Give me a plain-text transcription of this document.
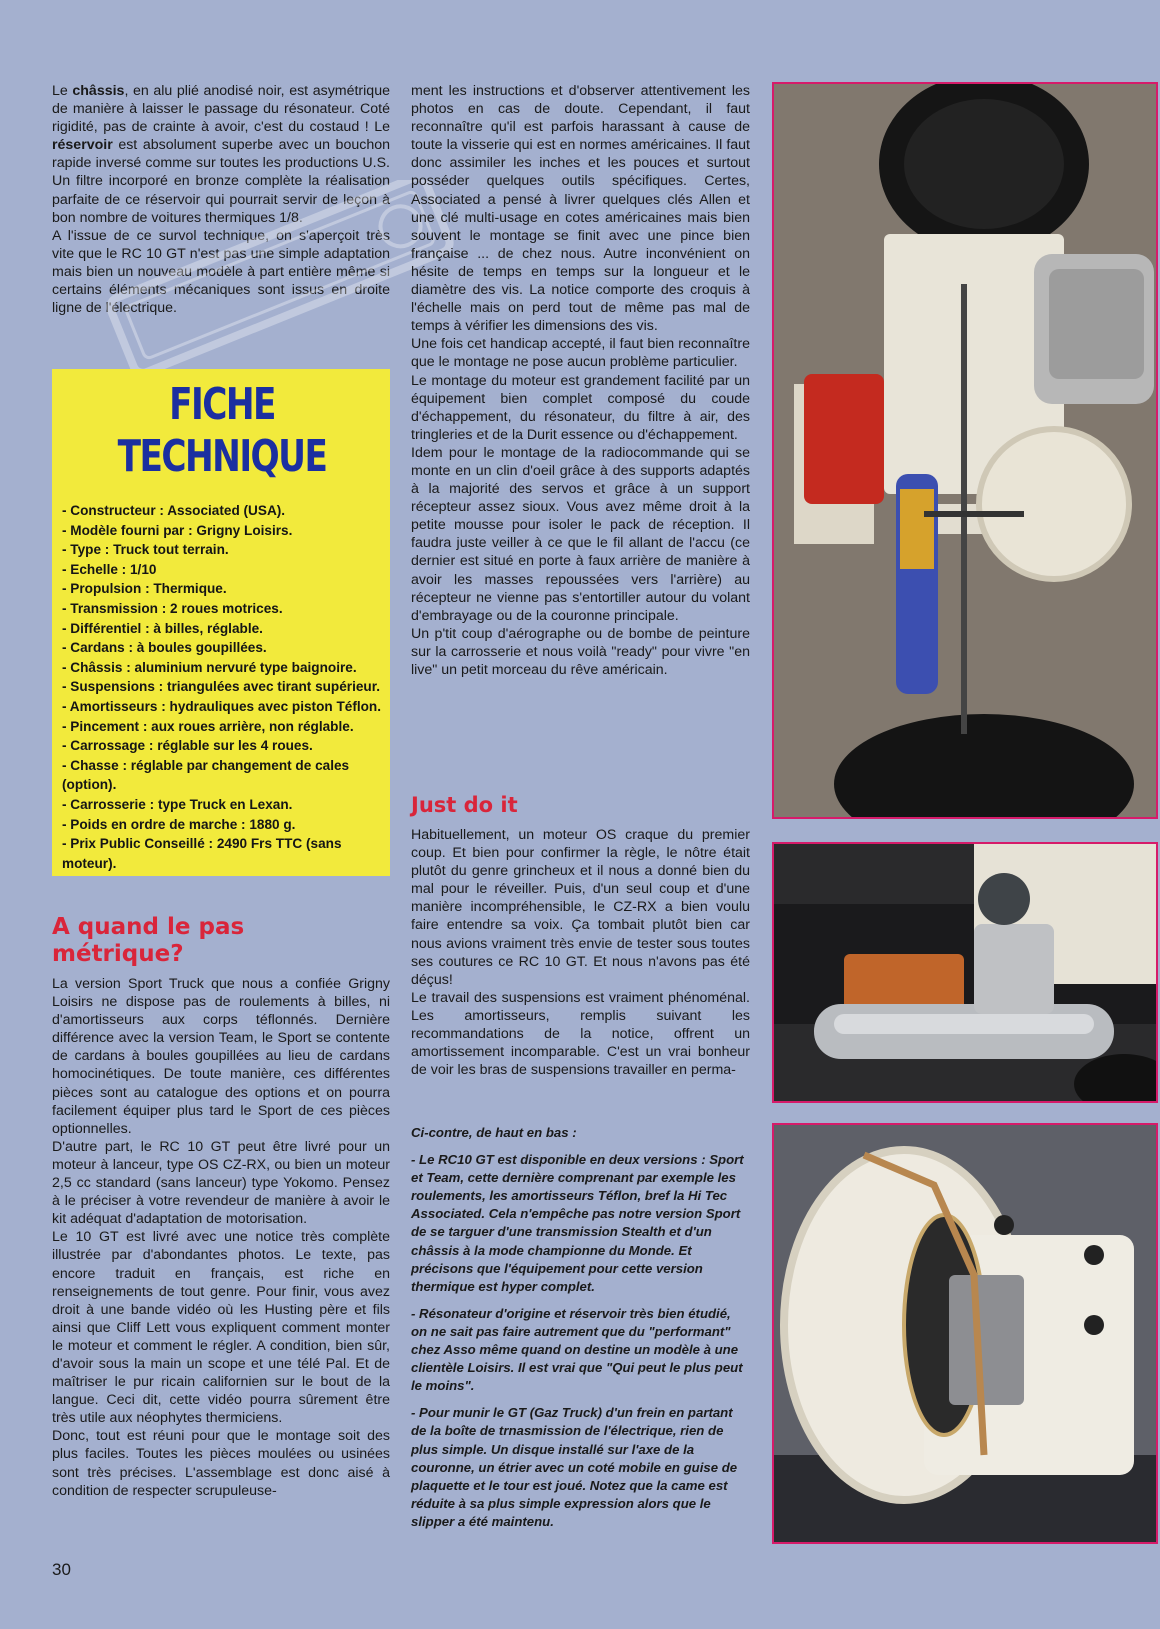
Le châssis, en alu plié anodisé noir, est asymétrique de manière à laisser le passage du résonateur. Coté rigidité, pas de crainte à avoir, c'est du costaud ! Le réservoir est absolument superbe avec un bouchon rapide inversé comme sur toutes les productions U.S. Un filtre incorporé en bronze complète la réalisation parfaite de ce réservoir qui pourrait servir de leçon à bon nombre de voitures thermiques 1/8.

A l'issue de ce survol technique, on s'aperçoit très vite que le RC 10 GT n'est pas une simple adaptation mais bien un nouveau modèle à part entière même si certains éléments mécaniques sont issus en droite ligne de l'électrique.

FICHE TECHNIQUE
- Constructeur : Associated (USA).
- Modèle fourni par : Grigny Loisirs.
- Type : Truck tout terrain.
- Echelle : 1/10
- Propulsion : Thermique.
- Transmission : 2 roues motrices.
- Différentiel : à billes, réglable.
- Cardans : à boules goupillées.
- Châssis : aluminium nervuré type baignoire.
- Suspensions : triangulées avec tirant supérieur.
- Amortisseurs : hydrauliques avec piston Téflon.
- Pincement : aux roues arrière, non réglable.
- Carrossage : réglable sur les 4 roues.
- Chasse : réglable par changement de cales (option).
- Carrosserie : type Truck en Lexan.
- Poids en ordre de marche : 1880 g.
- Prix Public Conseillé : 2490 Frs TTC (sans moteur).
A quand le pas métrique?

La version Sport Truck que nous a confiée Grigny Loisirs ne dispose pas de roulements à billes, ni d'amortisseurs aux corps téflonnés. Dernière différence avec la version Team, le Sport se contente de cardans à boules goupillées au lieu de cardans homocinétiques. De toute manière, ces différentes pièces sont au catalogue des options et on pourra facilement équiper plus tard le Sport de ces pièces optionnelles.

D'autre part, le RC 10 GT peut être livré pour un moteur à lanceur, type OS CZ-RX, ou bien un moteur 2,5 cc standard (sans lanceur) type Yokomo. Pensez à le préciser à votre revendeur de manière à avoir le kit adéquat d'adaptation de motorisation.

Le 10 GT est livré avec une notice très complète illustrée par d'abondantes photos. Le texte, pas encore traduit en français, est riche en renseignements de tout genre. Pour finir, vous avez droit à une bande vidéo où les Husting père et fils ainsi que Cliff Lett vous expliquent comment monter le moteur et comment le régler. A condition, bien sûr, d'avoir sous la main un scope et une télé Pal. Et de maîtriser le pur ricain californien sur le bout de la langue. Ceci dit, cette vidéo pourra sûrement être très utile aux néophytes thermiciens.

Donc, tout est réuni pour que le montage soit des plus faciles. Toutes les pièces moulées ou usinées sont très précises. L'assemblage est donc aisé à condition de respecter scrupuleuse-

ment les instructions et d'observer attentivement les photos en cas de doute. Cependant, il faut reconnaître qu'il est parfois harassant à cause de toute la visserie qui est en normes américaines. Il faut donc assimiler les inches et les pouces et surtout posséder quelques outils spécifiques. Certes, Associated a pensé à livrer quelques clés Allen et une clé multi-usage en cotes américaines mais bien souvent le montage se finit avec une pince bien française ... de chez nous. Autre inconvénient on hésite de temps en temps sur la longueur et le diamètre des vis. La notice comporte des croquis à l'échelle mais on perd tout de même pas mal de temps à vérifier les dimensions des vis.

Une fois cet handicap accepté, il faut bien reconnaître que le montage ne pose aucun problème particulier.

Le montage du moteur est grandement facilité par un équipement bien complet composé du coude d'échappement, du résonateur, du filtre à air, des tringleries et de la Durit essence ou d'échappement.

Idem pour le montage de la radiocommande qui se monte en un clin d'oeil grâce à des supports adaptés à la majorité des servos et grâce à un support récepteur assez sioux. Vous avez même droit à la petite mousse pour isoler le pack de réception. Il faudra juste veiller à ce que le fil allant de l'accu (ce dernier est situé en porte à faux arrière de manière à avoir les masses repoussées vers l'arrière) au récepteur ne vienne pas s'entortiller autour du volant d'embrayage ou de la couronne principale.

Un p'tit coup d'aérographe ou de bombe de peinture sur la carrosserie et nous voilà "ready" pour vivre "en live" un petit morceau du rêve américain.

Just do it

Habituellement, un moteur OS craque du premier coup. Et bien pour confirmer la règle, le nôtre était plutôt du genre grincheux et il nous a donné bien du mal pour le réveiller. Puis, d'un seul coup et d'une manière incompréhensible, le CZ-RX a bien voulu faire entendre sa voix. Ça tombait plutôt bien car nous avions vraiment très envie de tester sous toutes ses coutures ce RC 10 GT. Et nous n'avons pas été déçus!

Le travail des suspensions est vraiment phénoménal. Les amortisseurs, remplis suivant les recommandations de la notice, offrent un amortissement incomparable. C'est un vrai bonheur de voir les bras de suspensions travailler en perma-

Ci-contre, de haut en bas :

- Le RC10 GT est disponible en deux versions : Sport et Team, cette dernière comprenant par exemple les roulements, les amortisseurs Téflon, bref la Hi Tec Associated. Cela n'empêche pas notre version Sport de se targuer d'une transmission Stealth et d'un châssis à la mode championne du Monde. Et précisons que l'équipement pour cette version thermique est hyper complet.

- Résonateur d'origine et réservoir très bien étudié, on ne sait pas faire autrement que du "performant" chez Asso même quand on destine un modèle à une clientèle Loisirs. Il est vrai que "Qui peut le plus peut le moins".

- Pour munir le GT (Gaz Truck) d'un frein en partant de la boîte de trnasmission de l'électrique, rien de plus simple. Un disque installé sur l'axe de la couronne, un étrier avec un coté mobile en guise de plaquette et le tour est joué. Notez que la came est réduite à sa plus simple expression alors que le slipper a été maintenu.

30
